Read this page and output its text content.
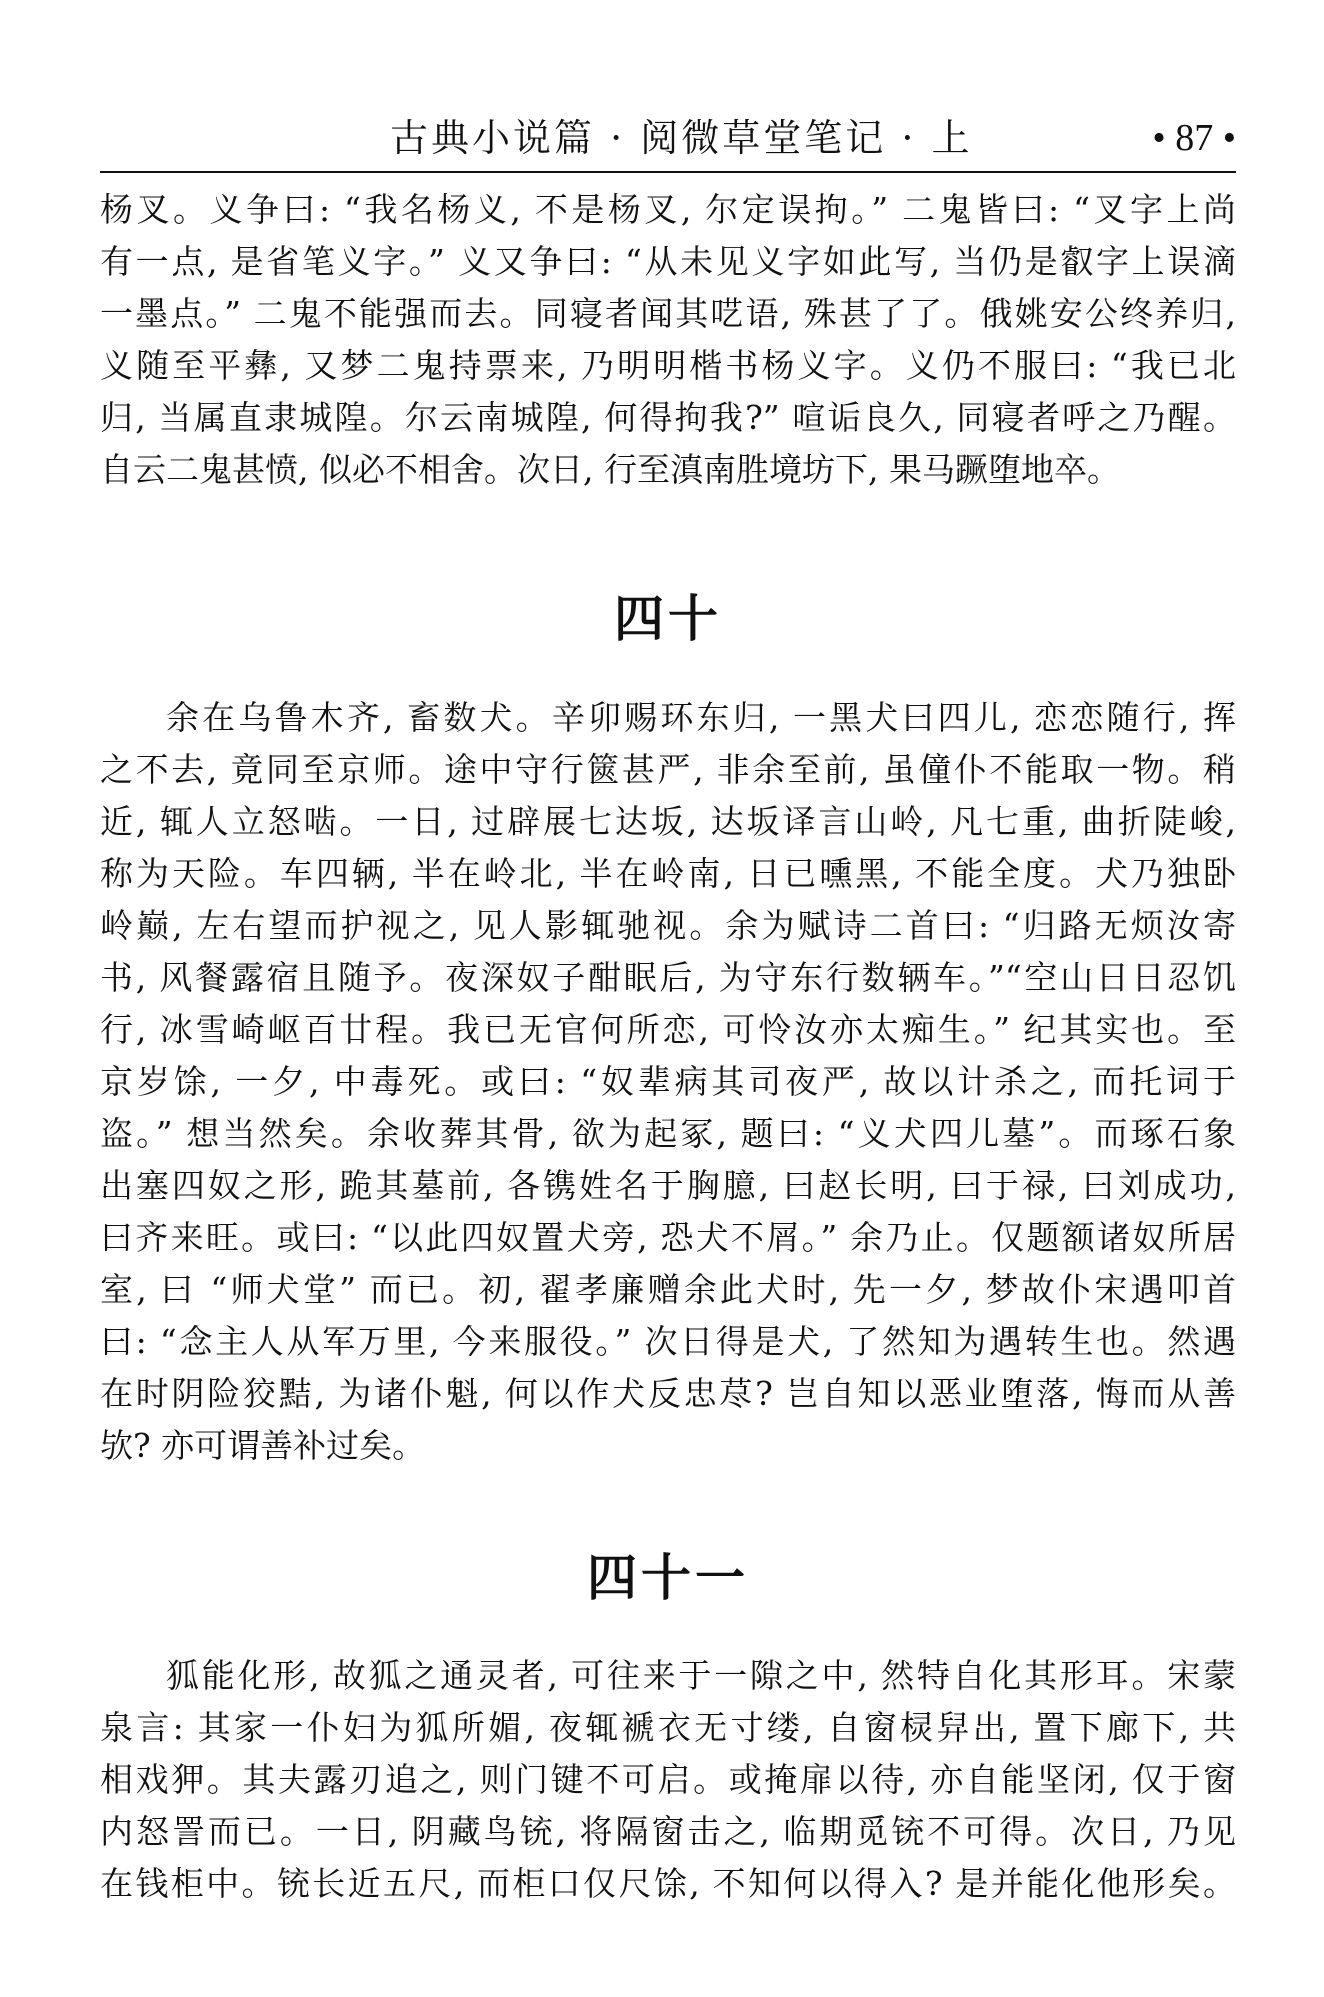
古典小说篇 · 阅微草堂笔记 · 上	• 87 •
杨叉。义争曰: “我名杨义, 不是杨叉, 尔定误拘。” 二鬼皆曰: “叉字上尚
有一点, 是省笔义字。” 义又争曰: “从未见义字如此写, 当仍是叡字上误滴
一墨点。” 二鬼不能强而去。同寝者闻其呓语, 殊甚了了。俄姚安公终养归,
义随至平彝, 又梦二鬼持票来, 乃明明楷书杨义字。义仍不服曰: “我已北
归, 当属直隶城隍。尔云南城隍, 何得拘我?” 喧诟良久, 同寝者呼之乃醒。
自云二鬼甚愤, 似必不相舍。次日, 行至滇南胜境坊下, 果马蹶堕地卒。
四十
余在乌鲁木齐, 畜数犬。辛卯赐环东归, 一黑犬曰四儿, 恋恋随行, 挥
之不去, 竟同至京师。途中守行篋甚严, 非余至前, 虽僮仆不能取一物。稍
近, 辄人立怒啮。一日, 过辟展七达坂, 达坂译言山岭, 凡七重, 曲折陡峻,
称为天险。车四辆, 半在岭北, 半在岭南, 日已曛黑, 不能全度。犬乃独卧
岭巅, 左右望而护视之, 见人影辄驰视。余为赋诗二首曰: “归路无烦汝寄
书, 风餐露宿且随予。夜深奴子酣眠后, 为守东行数辆车。”“空山日日忍饥
行, 冰雪崎岖百廿程。我已无官何所恋, 可怜汝亦太痴生。” 纪其实也。至
京岁馀, 一夕, 中毒死。或曰: “奴辈病其司夜严, 故以计杀之, 而托词于
盗。” 想当然矣。余收葬其骨, 欲为起冢, 题曰: “义犬四儿墓”。而琢石象
出塞四奴之形, 跪其墓前, 各镌姓名于胸臆, 曰赵长明, 曰于禄, 曰刘成功,
曰齐来旺。或曰: “以此四奴置犬旁, 恐犬不屑。” 余乃止。仅题额诸奴所居
室, 曰 “师犬堂” 而已。初, 翟孝廉赠余此犬时, 先一夕, 梦故仆宋遇叩首
曰: “念主人从军万里, 今来服役。” 次日得是犬, 了然知为遇转生也。然遇
在时阴险狡黠, 为诸仆魁, 何以作犬反忠荩? 岂自知以恶业堕落, 悔而从善
欤? 亦可谓善补过矣。
四十一
狐能化形, 故狐之通灵者, 可往来于一隙之中, 然特自化其形耳。宋蒙
泉言: 其家一仆妇为狐所媚, 夜辄褫衣无寸缕, 自窗棂舁出, 置下廊下, 共
相戏狎。其夫露刃追之, 则门键不可启。或掩扉以待, 亦自能坚闭, 仅于窗
内怒詈而已。一日, 阴藏鸟铳, 将隔窗击之, 临期觅铳不可得。次日, 乃见
在钱柜中。铳长近五尺, 而柜口仅尺馀, 不知何以得入? 是并能化他形矣。
